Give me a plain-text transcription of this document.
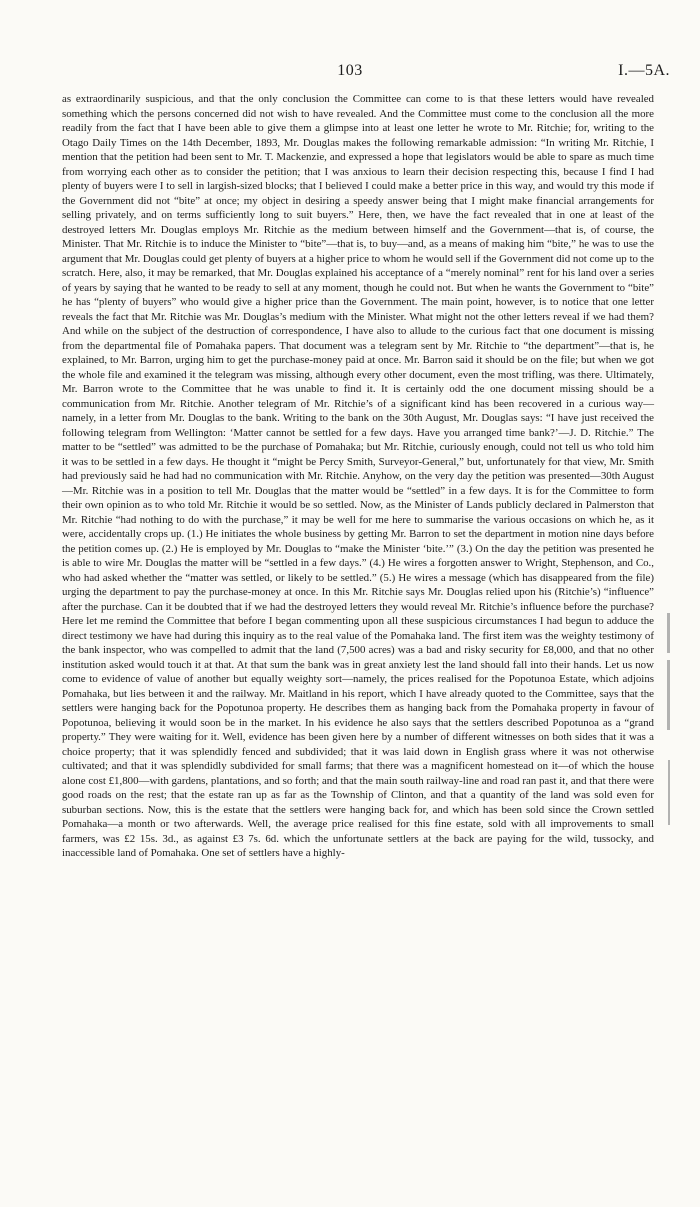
103	I.—5A.

as extraordinarily suspicious, and that the only conclusion the Committee can come to is that these letters would have revealed something which the persons concerned did not wish to have revealed. And the Committee must come to the conclusion all the more readily from the fact that I have been able to give them a glimpse into at least one letter he wrote to Mr. Ritchie; for, writing to the Otago Daily Times on the 14th December, 1893, Mr. Douglas makes the following remarkable admission: “In writing Mr. Ritchie, I mention that the petition had been sent to Mr. T. Mackenzie, and expressed a hope that legislators would be able to spare as much time from worrying each other as to consider the petition; that I was anxious to learn their decision respecting this, because I find I had plenty of buyers were I to sell in largish-sized blocks; that I believed I could make a better price in this way, and would try this mode if the Government did not “bite” at once; my object in desiring a speedy answer being that I might make financial arrangements for selling privately, and on terms sufficiently long to suit buyers.” Here, then, we have the fact revealed that in one at least of the destroyed letters Mr. Douglas employs Mr. Ritchie as the medium between himself and the Government—that is, of course, the Minister. That Mr. Ritchie is to induce the Minister to “bite”—that is, to buy—and, as a means of making him “bite,” he was to use the argument that Mr. Douglas could get plenty of buyers at a higher price to whom he would sell if the Government did not come up to the scratch. Here, also, it may be remarked, that Mr. Douglas explained his acceptance of a “merely nominal” rent for his land over a series of years by saying that he wanted to be ready to sell at any moment, though he could not. But when he wants the Government to “bite” he has “plenty of buyers” who would give a higher price than the Government. The main point, however, is to notice that one letter reveals the fact that Mr. Ritchie was Mr. Douglas’s medium with the Minister. What might not the other letters reveal if we had them? And while on the subject of the destruction of correspondence, I have also to allude to the curious fact that one document is missing from the departmental file of Pomahaka papers. That document was a telegram sent by Mr. Ritchie to “the department”—that is, he explained, to Mr. Barron, urging him to get the purchase-money paid at once. Mr. Barron said it should be on the file; but when we got the whole file and examined it the telegram was missing, although every other document, even the most trifling, was there. Ultimately, Mr. Barron wrote to the Committee that he was unable to find it. It is certainly odd the one document missing should be a communication from Mr. Ritchie. Another telegram of Mr. Ritchie’s of a significant kind has been recovered in a curious way—namely, in a letter from Mr. Douglas to the bank. Writing to the bank on the 30th August, Mr. Douglas says: “I have just received the following telegram from Wellington: ‘Matter cannot be settled for a few days. Have you arranged time bank?’—J. D. Ritchie.” The matter to be “settled” was admitted to be the purchase of Pomahaka; but Mr. Ritchie, curiously enough, could not tell us who told him it was to be settled in a few days. He thought it “might be Percy Smith, Surveyor-General,” but, unfortunately for that view, Mr. Smith had previously said he had had no communication with Mr. Ritchie. Anyhow, on the very day the petition was presented—30th August—Mr. Ritchie was in a position to tell Mr. Douglas that the matter would be “settled” in a few days. It is for the Committee to form their own opinion as to who told Mr. Ritchie it would be so settled. Now, as the Minister of Lands publicly declared in Palmerston that Mr. Ritchie “had nothing to do with the purchase,” it may be well for me here to summarise the various occasions on which he, as it were, accidentally crops up. (1.) He initiates the whole business by getting Mr. Barron to set the department in motion nine days before the petition comes up. (2.) He is employed by Mr. Douglas to “make the Minister ‘bite.’” (3.) On the day the petition was presented he is able to wire Mr. Douglas the matter will be “settled in a few days.” (4.) He wires a forgotten answer to Wright, Stephenson, and Co., who had asked whether the “matter was settled, or likely to be settled.” (5.) He wires a message (which has disappeared from the file) urging the department to pay the purchase-money at once. In this Mr. Ritchie says Mr. Douglas relied upon his (Ritchie’s) “influence” after the purchase. Can it be doubted that if we had the destroyed letters they would reveal Mr. Ritchie’s influence before the purchase? Here let me remind the Committee that before I began commenting upon all these suspicious circumstances I had begun to adduce the direct testimony we have had during this inquiry as to the real value of the Pomahaka land. The first item was the weighty testimony of the bank inspector, who was compelled to admit that the land (7,500 acres) was a bad and risky security for £8,000, and that no other institution asked would touch it at that. At that sum the bank was in great anxiety lest the land should fall into their hands. Let us now come to evidence of value of another but equally weighty sort—namely, the prices realised for the Popotunoa Estate, which adjoins Pomahaka, but lies between it and the railway. Mr. Maitland in his report, which I have already quoted to the Committee, says that the settlers were hanging back for the Popotunoa property. He describes them as hanging back from the Pomahaka property in favour of Popotunoa, believing it would soon be in the market. In his evidence he also says that the settlers described Popotunoa as a “grand property.” They were waiting for it. Well, evidence has been given here by a number of different witnesses on both sides that it was a choice property; that it was splendidly fenced and subdivided; that it was laid down in English grass where it was not otherwise cultivated; and that it was splendidly subdivided for small farms; that there was a magnificent homestead on it—of which the house alone cost £1,800—with gardens, plantations, and so forth; and that the main south railway-line and road ran past it, and that there were good roads on the rest; that the estate ran up as far as the Township of Clinton, and that a quantity of the land was sold even for suburban sections. Now, this is the estate that the settlers were hanging back for, and which has been sold since the Crown settled Pomahaka—a month or two afterwards. Well, the average price realised for this fine estate, sold with all improvements to small farmers, was £2 15s. 3d., as against £3 7s. 6d. which the unfortunate settlers at the back are paying for the wild, tussocky, and inaccessible land of Pomahaka. One set of settlers have a highly-
